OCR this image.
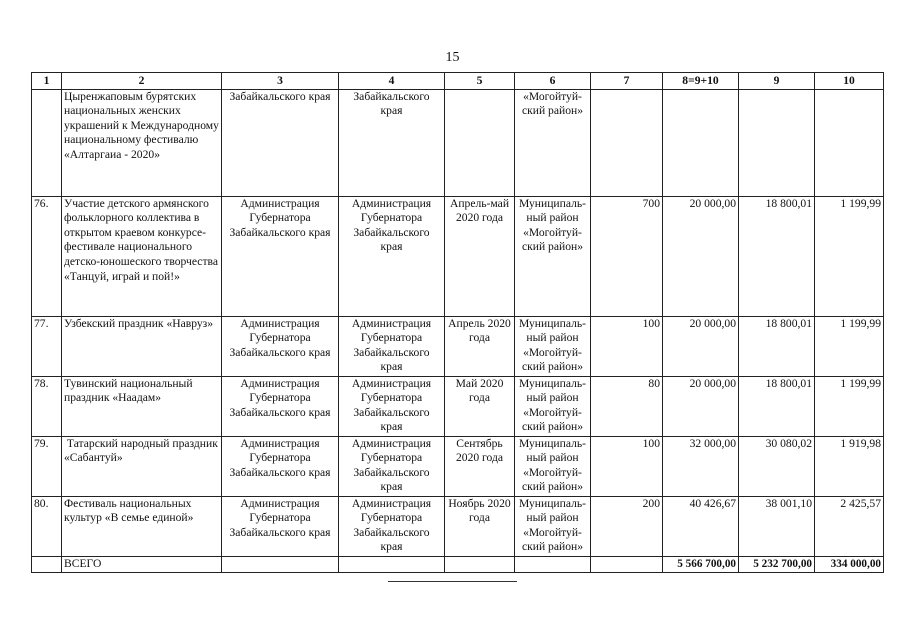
15
1	2	3	4	5	6	7	8=9+10	9	10
	Цыренжаповым бурятских национальных женских украшений к Международному национальному фестивалю «Алтаргаиа - 2020»	Забайкальского края	Забайкальского края		«Могойтуй-ский район»				
76.	Участие детского армянского фольклорного коллектива в открытом краевом конкурсе-фестивале национального детско-юношеского творчества «Танцуй, играй и пой!»	Администрация Губернатора Забайкальского края	Администрация Губернатора Забайкальского края	Апрель-май 2020 года	Муниципаль-ный район «Могойтуй-ский район»	700	20 000,00	18 800,01	1 199,99
77.	Узбекский праздник «Навруз»	Администрация Губернатора Забайкальского края	Администрация Губернатора Забайкальского края	Апрель 2020 года	Муниципаль-ный район «Могойтуй-ский район»	100	20 000,00	18 800,01	1 199,99
78.	Тувинский национальный праздник «Наадам»	Администрация Губернатора Забайкальского края	Администрация Губернатора Забайкальского края	Май 2020 года	Муниципаль-ный район «Могойтуй-ский район»	80	20 000,00	18 800,01	1 199,99
79.	Татарский народный праздник «Сабантуй»	Администрация Губернатора Забайкальского края	Администрация Губернатора Забайкальского края	Сентябрь 2020 года	Муниципаль-ный район «Могойтуй-ский район»	100	32 000,00	30 080,02	1 919,98
80.	Фестиваль национальных культур «В семье единой»	Администрация Губернатора Забайкальского края	Администрация Губернатора Забайкальского края	Ноябрь 2020 года	Муниципаль-ный район «Могойтуй-ский район»	200	40 426,67	38 001,10	2 425,57
	ВСЕГО						5 566 700,00	5 232 700,00	334 000,00
